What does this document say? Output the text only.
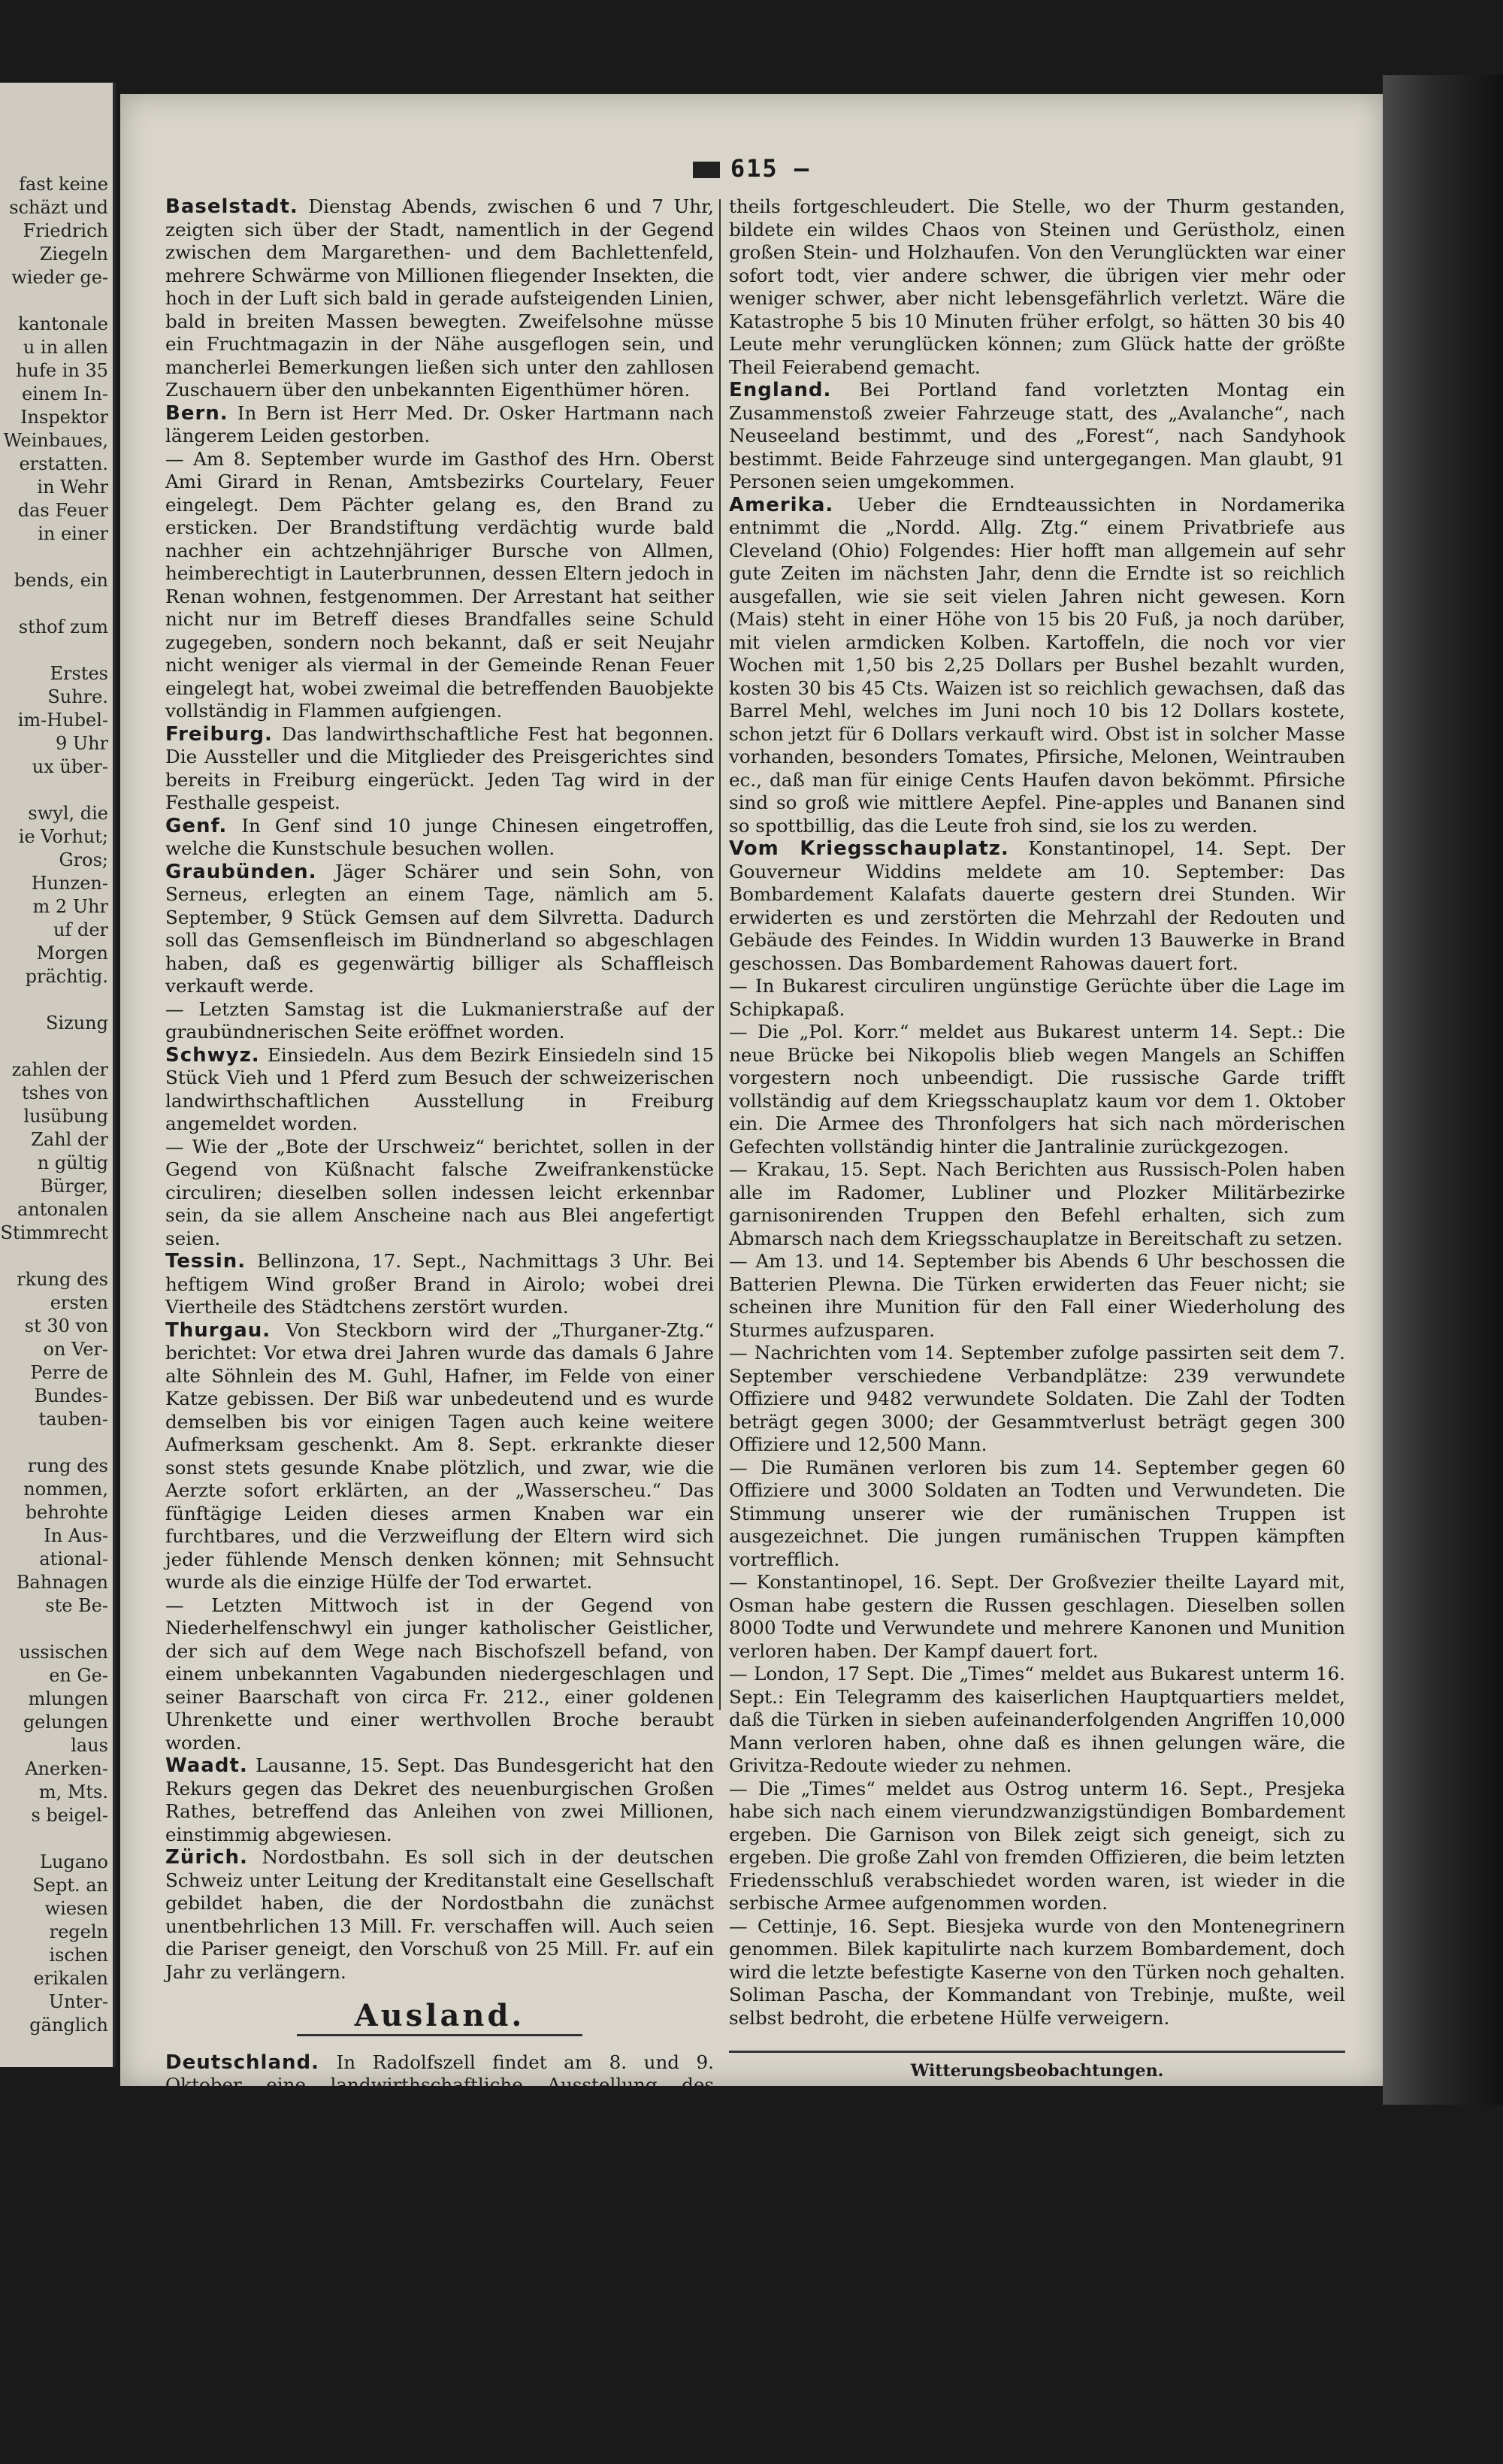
fast keine
schäzt und
Friedrich
Ziegeln
wieder ge-
kantonale
u in allen
hufe in 35
einem In-
Inspektor
Weinbaues,
erstatten.
in Wehr
das Feuer
in einer
bends, ein
sthof zum
Erstes
Suhre.
im-Hubel-
9 Uhr
ux über-
swyl, die
ie Vorhut;
Gros;
Hunzen-
m 2 Uhr
uf der
Morgen
prächtig.
Sizung
zahlen der
tshes von
lusübung
Zahl der
n gültig
Bürger,
antonalen
Stimmrecht
rkung des
ersten
st 30 von
on Ver-
Perre de
Bundes-
tauben-
rung des
nommen,
behrohte
In Aus-
ational-
Bahnagen
ste Be-
ussischen
en Ge-
mlungen
gelungen
laus
Anerken-
m, Mts.
s beigel-
Lugano
Sept. an
wiesen
regeln
ischen
erikalen
Unter-
gänglich
615 —

Baselstadt. Dienstag Abends, zwischen 6 und 7 Uhr, zeigten sich über der Stadt, namentlich in der Gegend zwischen dem Margarethen- und dem Bachlettenfeld, mehrere Schwärme von Millionen fliegender Insekten, die hoch in der Luft sich bald in gerade aufsteigenden Linien, bald in breiten Massen bewegten. Zweifelsohne müsse ein Fruchtmagazin in der Nähe ausgeflogen sein, und mancherlei Bemerkungen ließen sich unter den zahllosen Zuschauern über den unbekannten Eigenthümer hören.

Bern. In Bern ist Herr Med. Dr. Osker Hartmann nach längerem Leiden gestorben.

— Am 8. September wurde im Gasthof des Hrn. Oberst Ami Girard in Renan, Amtsbezirks Courtelary, Feuer eingelegt. Dem Pächter gelang es, den Brand zu ersticken. Der Brandstiftung verdächtig wurde bald nachher ein achtzehnjähriger Bursche von Allmen, heimberechtigt in Lauterbrunnen, dessen Eltern jedoch in Renan wohnen, festgenommen. Der Arrestant hat seither nicht nur im Betreff dieses Brandfalles seine Schuld zugegeben, sondern noch bekannt, daß er seit Neujahr nicht weniger als viermal in der Gemeinde Renan Feuer eingelegt hat, wobei zweimal die betreffenden Bauobjekte vollständig in Flammen aufgiengen.

Freiburg. Das landwirthschaftliche Fest hat begonnen. Die Aussteller und die Mitglieder des Preisgerichtes sind bereits in Freiburg eingerückt. Jeden Tag wird in der Festhalle gespeist.

Genf. In Genf sind 10 junge Chinesen eingetroffen, welche die Kunstschule besuchen wollen.

Graubünden. Jäger Schärer und sein Sohn, von Serneus, erlegten an einem Tage, nämlich am 5. September, 9 Stück Gemsen auf dem Silvretta. Dadurch soll das Gemsenfleisch im Bündnerland so abgeschlagen haben, daß es gegenwärtig billiger als Schaffleisch verkauft werde.

— Letzten Samstag ist die Lukmanierstraße auf der graubündnerischen Seite eröffnet worden.

Schwyz. Einsiedeln. Aus dem Bezirk Einsiedeln sind 15 Stück Vieh und 1 Pferd zum Besuch der schweizerischen landwirthschaftlichen Ausstellung in Freiburg angemeldet worden.

— Wie der „Bote der Urschweiz“ berichtet, sollen in der Gegend von Küßnacht falsche Zweifrankenstücke circuliren; dieselben sollen indessen leicht erkennbar sein, da sie allem Anscheine nach aus Blei angefertigt seien.

Tessin. Bellinzona, 17. Sept., Nachmittags 3 Uhr. Bei heftigem Wind großer Brand in Airolo; wobei drei Viertheile des Städtchens zerstört wurden.

Thurgau. Von Steckborn wird der „Thurganer-Ztg.“ berichtet: Vor etwa drei Jahren wurde das damals 6 Jahre alte Söhnlein des M. Guhl, Hafner, im Felde von einer Katze gebissen. Der Biß war unbedeutend und es wurde demselben bis vor einigen Tagen auch keine weitere Aufmerksam geschenkt. Am 8. Sept. erkrankte dieser sonst stets gesunde Knabe plötzlich, und zwar, wie die Aerzte sofort erklärten, an der „Wasserscheu.“ Das fünftägige Leiden dieses armen Knaben war ein furchtbares, und die Verzweiflung der Eltern wird sich jeder fühlende Mensch denken können; mit Sehnsucht wurde als die einzige Hülfe der Tod erwartet.

— Letzten Mittwoch ist in der Gegend von Niederhelfenschwyl ein junger katholischer Geistlicher, der sich auf dem Wege nach Bischofszell befand, von einem unbekannten Vagabunden niedergeschlagen und seiner Baarschaft von circa Fr. 212., einer goldenen Uhrenkette und einer werthvollen Broche beraubt worden.

Waadt. Lausanne, 15. Sept. Das Bundesgericht hat den Rekurs gegen das Dekret des neuenburgischen Großen Rathes, betreffend das Anleihen von zwei Millionen, einstimmig abgewiesen.

Zürich. Nordostbahn. Es soll sich in der deutschen Schweiz unter Leitung der Kreditanstalt eine Gesellschaft gebildet haben, die der Nordostbahn die zunächst unentbehrlichen 13 Mill. Fr. verschaffen will. Auch seien die Pariser geneigt, den Vorschuß von 25 Mill. Fr. auf ein Jahr zu verlängern.

Ausland.

Deutschland. In Radolfszell findet am 8. und 9. Oktober eine landwirthschaftliche Ausstellung des Gauverbandes Höhgau, bestehend aus den Bezirken Konstanz, Engen, Radolfszell und Stockach, statt. Zur Aufstellung kommen: Rindvieh, Fohlen, Schweine, Maschinen und Geräthe, sowie landwirthschaftliche Produkte.

— Ueber ein furchtbares Unglück, das sich letzten Dienstag Abend in dem Dorfe Linz bei Pfullendorf zugetragen hat, wird der „Konstz. Ztg.“ folgendes Nähere mitgetheilt: Der an die Ortskirche neu angebaute Thurm war am Samstag fertig geworden; die Arbeiter waren eben im Begriffe, Feierabend zu machen, und der größere Theil war wieder auf dem Boden; nur neun davon, wovon einer an der Kuppel noch beschäftigt war, machten sich erst auf den Hinunterweg, als der Thurm vollständig in sich selbst zusammenstürzte; sie wurden mit dem Sturze theils begraben,

theils fortgeschleudert. Die Stelle, wo der Thurm gestanden, bildete ein wildes Chaos von Steinen und Gerüstholz, einen großen Stein- und Holzhaufen. Von den Verunglückten war einer sofort todt, vier andere schwer, die übrigen vier mehr oder weniger schwer, aber nicht lebensgefährlich verletzt. Wäre die Katastrophe 5 bis 10 Minuten früher erfolgt, so hätten 30 bis 40 Leute mehr verunglücken können; zum Glück hatte der größte Theil Feierabend gemacht.

England. Bei Portland fand vorletzten Montag ein Zusammenstoß zweier Fahrzeuge statt, des „Avalanche“, nach Neuseeland bestimmt, und des „Forest“, nach Sandyhook bestimmt. Beide Fahrzeuge sind untergegangen. Man glaubt, 91 Personen seien umgekommen.

Amerika. Ueber die Erndteaussichten in Nordamerika entnimmt die „Nordd. Allg. Ztg.“ einem Privatbriefe aus Cleveland (Ohio) Folgendes: Hier hofft man allgemein auf sehr gute Zeiten im nächsten Jahr, denn die Erndte ist so reichlich ausgefallen, wie sie seit vielen Jahren nicht gewesen. Korn (Mais) steht in einer Höhe von 15 bis 20 Fuß, ja noch darüber, mit vielen armdicken Kolben. Kartoffeln, die noch vor vier Wochen mit 1,50 bis 2,25 Dollars per Bushel bezahlt wurden, kosten 30 bis 45 Cts. Waizen ist so reichlich gewachsen, daß das Barrel Mehl, welches im Juni noch 10 bis 12 Dollars kostete, schon jetzt für 6 Dollars verkauft wird. Obst ist in solcher Masse vorhanden, besonders Tomates, Pfirsiche, Melonen, Weintrauben ec., daß man für einige Cents Haufen davon bekömmt. Pfirsiche sind so groß wie mittlere Aepfel. Pine-apples und Bananen sind so spottbillig, das die Leute froh sind, sie los zu werden.

Vom Kriegsschauplatz. Konstantinopel, 14. Sept. Der Gouverneur Widdins meldete am 10. September: Das Bombardement Kalafats dauerte gestern drei Stunden. Wir erwiderten es und zerstörten die Mehrzahl der Redouten und Gebäude des Feindes. In Widdin wurden 13 Bauwerke in Brand geschossen. Das Bombardement Rahowas dauert fort.

— In Bukarest circuliren ungünstige Gerüchte über die Lage im Schipkapaß.

— Die „Pol. Korr.“ meldet aus Bukarest unterm 14. Sept.: Die neue Brücke bei Nikopolis blieb wegen Mangels an Schiffen vorgestern noch unbeendigt. Die russische Garde trifft vollständig auf dem Kriegsschauplatz kaum vor dem 1. Oktober ein. Die Armee des Thronfolgers hat sich nach mörderischen Gefechten vollständig hinter die Jantralinie zurückgezogen.

— Krakau, 15. Sept. Nach Berichten aus Russisch-Polen haben alle im Radomer, Lubliner und Plozker Militärbezirke garnisonirenden Truppen den Befehl erhalten, sich zum Abmarsch nach dem Kriegsschauplatze in Bereitschaft zu setzen.

— Am 13. und 14. September bis Abends 6 Uhr beschossen die Batterien Plewna. Die Türken erwiderten das Feuer nicht; sie scheinen ihre Munition für den Fall einer Wiederholung des Sturmes aufzusparen.

— Nachrichten vom 14. September zufolge passirten seit dem 7. September verschiedene Verbandplätze: 239 verwundete Offiziere und 9482 verwundete Soldaten. Die Zahl der Todten beträgt gegen 3000; der Gesammtverlust beträgt gegen 300 Offiziere und 12,500 Mann.

— Die Rumänen verloren bis zum 14. September gegen 60 Offiziere und 3000 Soldaten an Todten und Verwundeten. Die Stimmung unserer wie der rumänischen Truppen ist ausgezeichnet. Die jungen rumänischen Truppen kämpften vortrefflich.

— Konstantinopel, 16. Sept. Der Großvezier theilte Layard mit, Osman habe gestern die Russen geschlagen. Dieselben sollen 8000 Todte und Verwundete und mehrere Kanonen und Munition verloren haben. Der Kampf dauert fort.

— London, 17 Sept. Die „Times“ meldet aus Bukarest unterm 16. Sept.: Ein Telegramm des kaiserlichen Hauptquartiers meldet, daß die Türken in sieben aufeinanderfolgenden Angriffen 10,000 Mann verloren haben, ohne daß es ihnen gelungen wäre, die Grivitza-Redoute wieder zu nehmen.

— Die „Times“ meldet aus Ostrog unterm 16. Sept., Presjeka habe sich nach einem vierundzwanzigstündigen Bombardement ergeben. Die Garnison von Bilek zeigt sich geneigt, sich zu ergeben. Die große Zahl von fremden Offizieren, die beim letzten Friedensschluß verabschiedet worden waren, ist wieder in die serbische Armee aufgenommen worden.

— Cettinje, 16. Sept. Biesjeka wurde von den Montenegrinern genommen. Bilek kapitulirte nach kurzem Bombardement, doch wird die letzte befestigte Kaserne von den Türken noch gehalten. Soliman Pascha, der Kommandant von Trebinje, mußte, weil selbst bedroht, die erbetene Hülfe verweigern.

Witterungsbeobachtungen.

Pariser Observatorium vom 17. Sept. Hoher Barometerstand im westlichen Irland (773 mm.). Nordwind, der im Kanal an Stärke gewinnt, im Ozean schwach ist.
